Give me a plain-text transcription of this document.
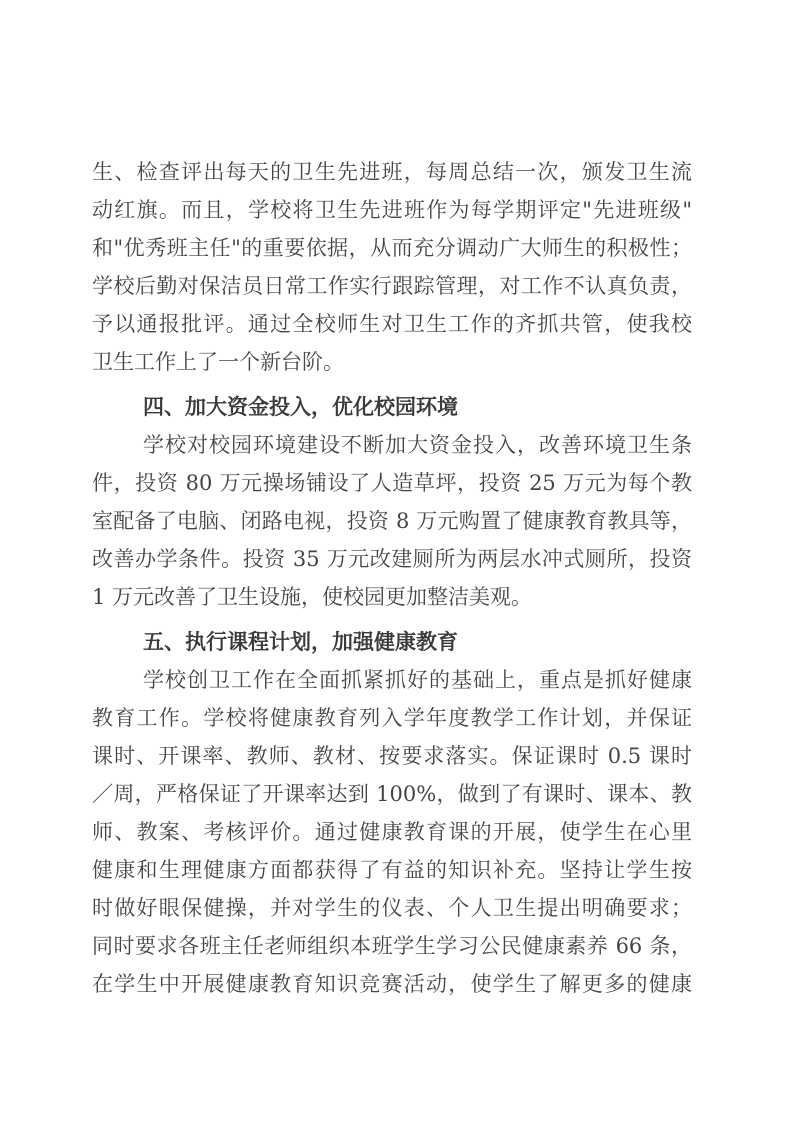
生、检查评出每天的卫生先进班，每周总结一次，颁发卫生流
动红旗。而且，学校将卫生先进班作为每学期评定"先进班级"
和"优秀班主任"的重要依据，从而充分调动广大师生的积极性；
学校后勤对保洁员日常工作实行跟踪管理，对工作不认真负责，
予以通报批评。通过全校师生对卫生工作的齐抓共管，使我校
卫生工作上了一个新台阶。
四、加大资金投入，优化校园环境
学校对校园环境建设不断加大资金投入，改善环境卫生条
件，投资 80 万元操场铺设了人造草坪，投资 25 万元为每个教
室配备了电脑、闭路电视，投资 8 万元购置了健康教育教具等，
改善办学条件。投资 35 万元改建厕所为两层水冲式厕所，投资
1 万元改善了卫生设施，使校园更加整洁美观。
五、执行课程计划，加强健康教育
学校创卫工作在全面抓紧抓好的基础上，重点是抓好健康
教育工作。学校将健康教育列入学年度教学工作计划，并保证
课时、开课率、教师、教材、按要求落实。保证课时 0.5 课时
／周，严格保证了开课率达到 100%，做到了有课时、课本、教
师、教案、考核评价。通过健康教育课的开展，使学生在心里
健康和生理健康方面都获得了有益的知识补充。坚持让学生按
时做好眼保健操，并对学生的仪表、个人卫生提出明确要求；
同时要求各班主任老师组织本班学生学习公民健康素养 66 条，
在学生中开展健康教育知识竞赛活动，使学生了解更多的健康
